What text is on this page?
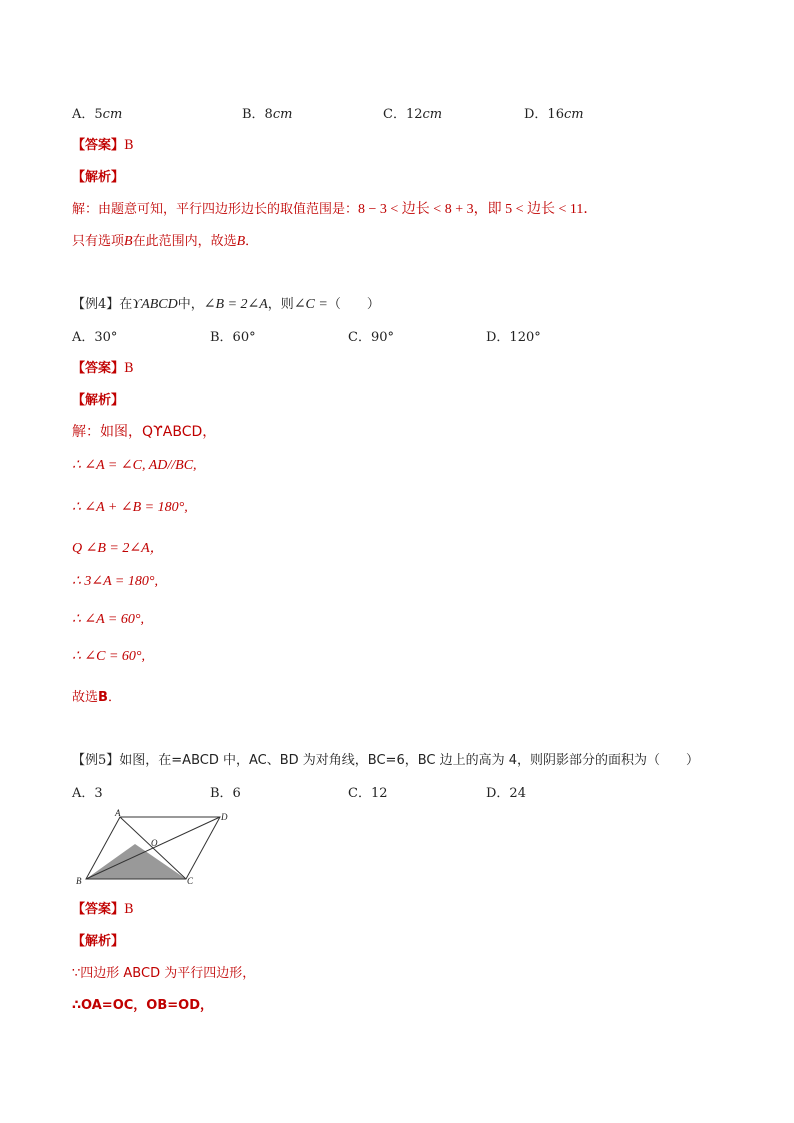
A．5cm	B．8cm	C．12cm	D．16cm
【答案】B
【解析】
解：由题意可知，平行四边形边长的取值范围是：8 − 3 < 边长 < 8 + 3，即 5 < 边长 < 11．
只有选项B在此范围内，故选B．
【例4】在ϒABCD中，∠B = 2∠A，则∠C =（　　）
A．30°	B．60°	C．90°	D．120°
【答案】B
【解析】
解：如图，QϒABCD，
∴ ∠A = ∠C, AD//BC,
∴ ∠A + ∠B = 180°,
Q ∠B = 2∠A，
∴ 3∠A = 180°,
∴ ∠A = 60°,
∴ ∠C = 60°,
故选B．
【例5】如图，在=ABCD 中，AC、BD 为对角线，BC=6，BC 边上的高为 4，则阴影部分的面积为（　　）
A．3	B．6	C．12	D．24
A	D
O
B	C
【答案】B
【解析】
∵四边形 ABCD 为平行四边形，
∴OA=OC，OB=OD，
